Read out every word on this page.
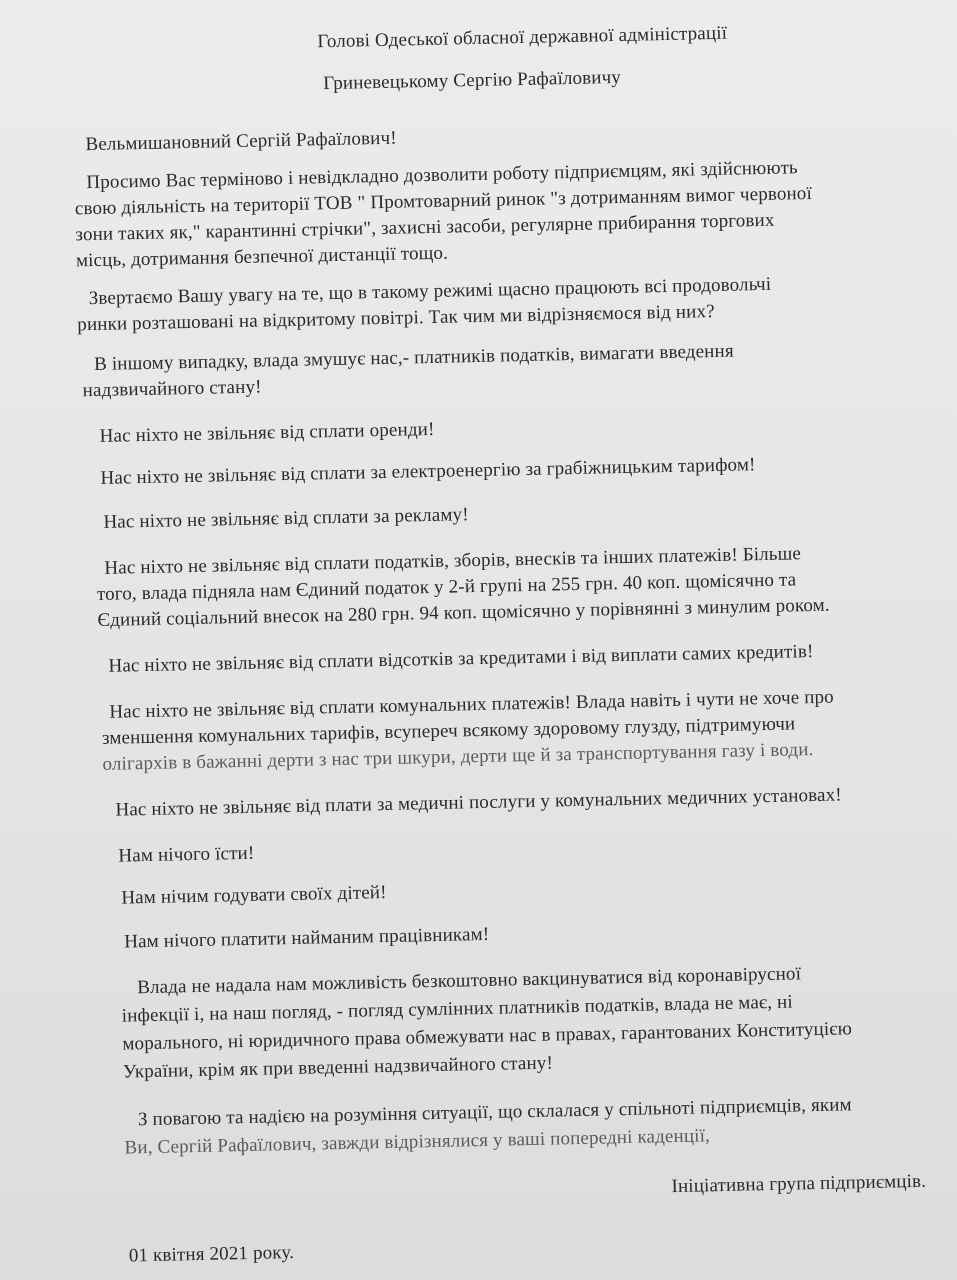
Голові Одеської обласної державної адміністрації
Гриневецькому Сергію Рафаїловичу
Вельмишановний Сергій Рафаїлович!
Просимо Вас терміново і невідкладно дозволити роботу підприємцям, які здійснюють
свою діяльність на території ТОВ " Промтоварний ринок "з дотриманням вимог червоної
зони таких як," карантинні стрічки", захисні засоби, регулярне прибирання торгових
місць, дотримання безпечної дистанції тощо.
Звертаємо Вашу увагу на те, що в такому режимі щасно працюють всі продовольчі
ринки розташовані на відкритому повітрі. Так чим ми відрізняємося від них?
В іншому випадку, влада змушує нас,- платників податків, вимагати введення
надзвичайного стану!
Нас ніхто не звільняє від сплати оренди!
Нас ніхто не звільняє від сплати за електроенергію за грабіжницьким тарифом!
Нас ніхто не звільняє від сплати за рекламу!
Нас ніхто не звільняє від сплати податків, зборів, внесків та інших платежів! Більше
того, влада підняла нам Єдиний податок у 2-й групі на 255 грн. 40 коп. щомісячно та
Єдиний соціальний внесок на 280 грн. 94 коп. щомісячно у порівнянні з минулим роком.
Нас ніхто не звільняє від сплати відсотків за кредитами і від виплати самих кредитів!
Нас ніхто не звільняє від сплати комунальних платежів! Влада навіть і чути не хоче про
зменшення комунальних тарифів, всупереч всякому здоровому глузду, підтримуючи
олігархів в бажанні дерти з нас три шкури, дерти ще й за транспортування газу і води.
Нас ніхто не звільняє від плати за медичні послуги у комунальних медичних установах!
Нам нічого їсти!
Нам нічим годувати своїх дітей!
Нам нічого платити найманим працівникам!
Влада не надала нам можливість безкоштовно вакцинуватися від коронавірусної
інфекції і, на наш погляд, - погляд сумлінних платників податків, влада не має, ні
морального, ні юридичного права обмежувати нас в правах, гарантованих Конституцією
України, крім як при введенні надзвичайного стану!
З повагою та надією на розуміння ситуації, що склалася у спільноті підприємців, яким
Ви, Сергій Рафаїлович, завжди відрізнялися у ваші попередні каденції,
Ініціативна група підприємців.
01 квітня 2021 року.
